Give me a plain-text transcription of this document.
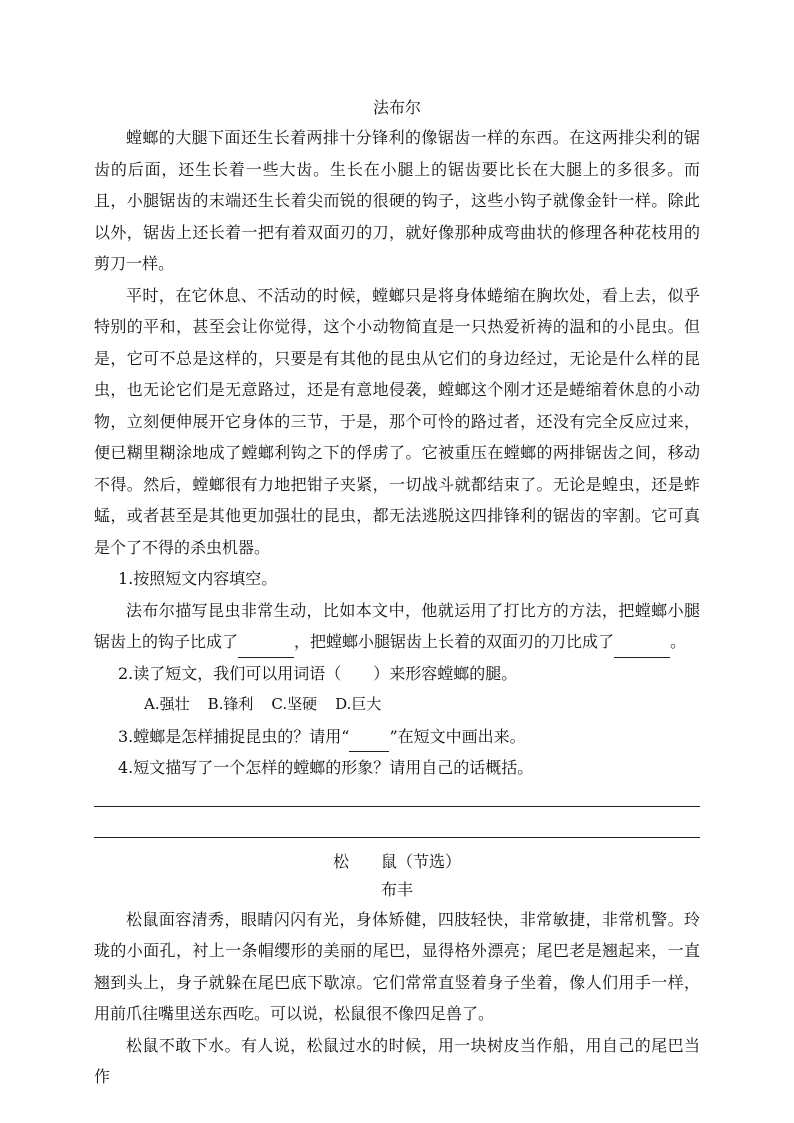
法布尔

螳螂的大腿下面还生长着两排十分锋利的像锯齿一样的东西。在这两排尖利的锯齿的后面，还生长着一些大齿。生长在小腿上的锯齿要比长在大腿上的多很多。而且，小腿锯齿的末端还生长着尖而锐的很硬的钩子，这些小钩子就像金针一样。除此以外，锯齿上还长着一把有着双面刃的刀，就好像那种成弯曲状的修理各种花枝用的剪刀一样。

平时，在它休息、不活动的时候，螳螂只是将身体蜷缩在胸坎处，看上去，似乎特别的平和，甚至会让你觉得，这个小动物简直是一只热爱祈祷的温和的小昆虫。但是，它可不总是这样的，只要是有其他的昆虫从它们的身边经过，无论是什么样的昆虫，也无论它们是无意路过，还是有意地侵袭，螳螂这个刚才还是蜷缩着休息的小动物，立刻便伸展开它身体的三节，于是，那个可怜的路过者，还没有完全反应过来，便已糊里糊涂地成了螳螂利钩之下的俘虏了。它被重压在螳螂的两排锯齿之间，移动不得。然后，螳螂很有力地把钳子夹紧，一切战斗就都结束了。无论是蝗虫，还是蚱蜢，或者甚至是其他更加强壮的昆虫，都无法逃脱这四排锋利的锯齿的宰割。它可真是个了不得的杀虫机器。

1.按照短文内容填空。

法布尔描写昆虫非常生动，比如本文中，他就运用了打比方的方法，把螳螂小腿锯齿上的钩子比成了	，把螳螂小腿锯齿上长着的双面刃的刀比成了	。

2.读了短文，我们可以用词语（　　）来形容螳螂的腿。

A.强壮 B.锋利 C.坚硬 D.巨大

3.螳螂是怎样捕捉昆虫的？请用“	”在短文中画出来。

4.短文描写了一个怎样的螳螂的形象？请用自己的话概括。

松　　鼠（节选）
布丰

松鼠面容清秀，眼睛闪闪有光，身体矫健，四肢轻快，非常敏捷，非常机警。玲珑的小面孔，衬上一条帽缨形的美丽的尾巴，显得格外漂亮；尾巴老是翘起来，一直翘到头上，身子就躲在尾巴底下歇凉。它们常常直竖着身子坐着，像人们用手一样，用前爪往嘴里送东西吃。可以说，松鼠很不像四足兽了。

松鼠不敢下水。有人说，松鼠过水的时候，用一块树皮当作船，用自己的尾巴当作
